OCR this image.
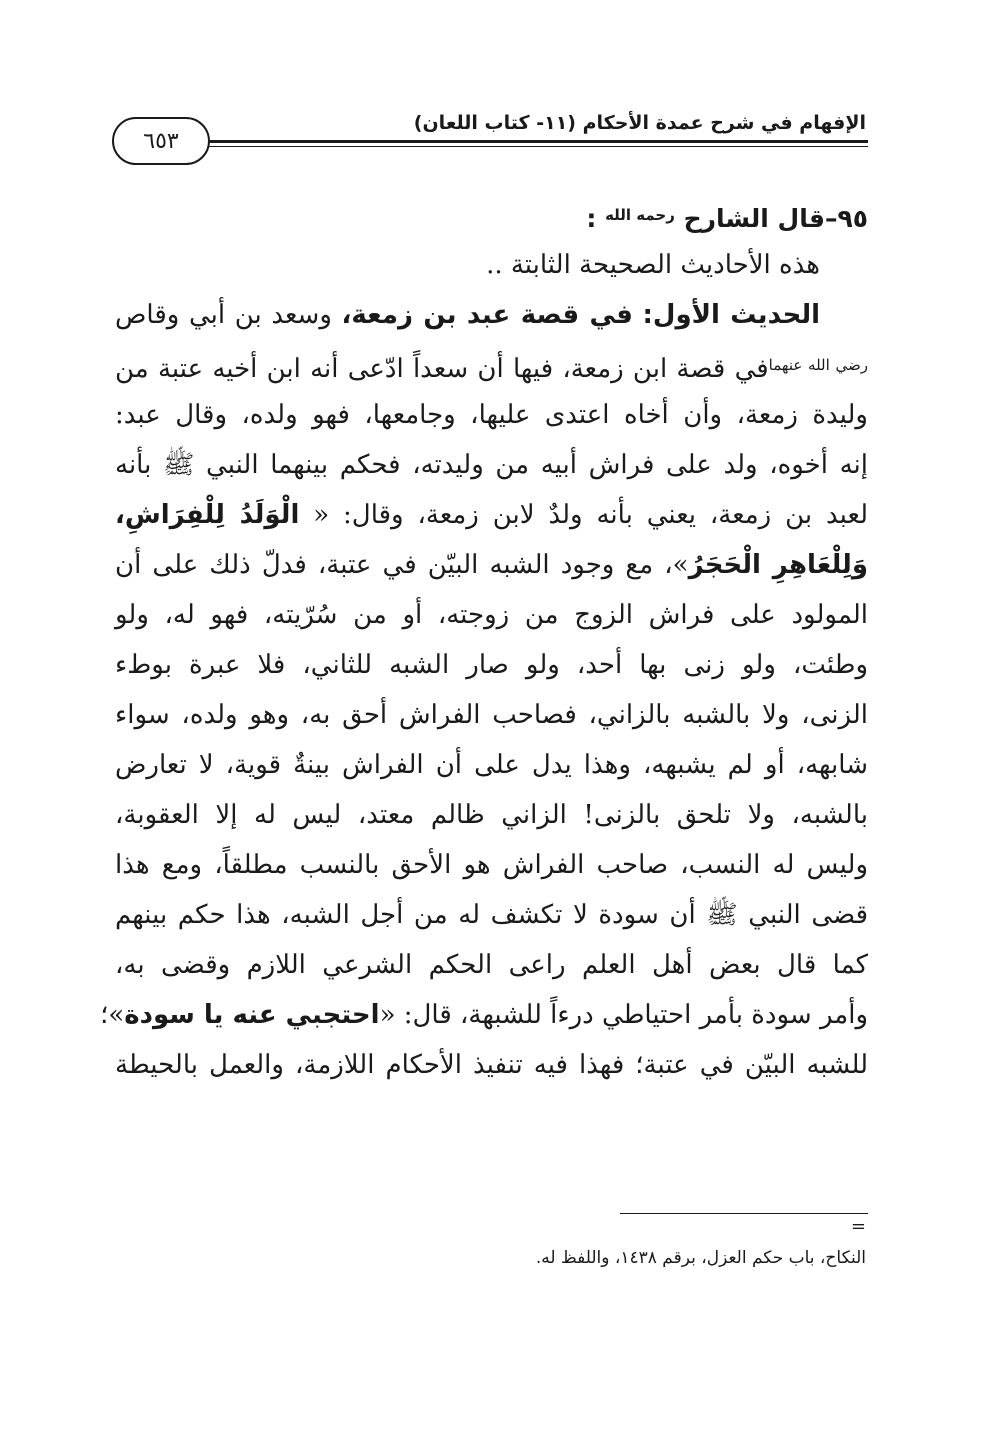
الإفهام في شرح عمدة الأحكام (١١- كتاب اللعان)
٦٥٣
٩٥–قال الشارح $^{رحمه الله}$ :
هذه الأحاديث الصحيحة الثابتة ..
الحديث الأول: في قصة عبد بن زمعة، وسعد بن أبي وقاص
$^{رضي الله عنهما}$في قصة ابن زمعة، فيها أن سعداً ادّعى أنه ابن أخيه عتبة من
وليدة زمعة، وأن أخاه اعتدى عليها، وجامعها، فهو ولده، وقال عبد:
إنه أخوه، ولد على فراش أبيه من وليدته، فحكم بينهما النبي ﷺ بأنه
لعبد بن زمعة، يعني بأنه ولدٌ لابن زمعة، وقال: « الْوَلَدُ لِلْفِرَاشِ،
وَلِلْعَاهِرِ الْحَجَرُ»، مع وجود الشبه البيّن في عتبة، فدلّ ذلك على أن
المولود على فراش الزوج من زوجته، أو من سُرّيته، فهو له، ولو
وطئت، ولو زنى بها أحد، ولو صار الشبه للثاني، فلا عبرة بوطء
الزنى، ولا بالشبه بالزاني، فصاحب الفراش أحق به، وهو ولده، سواء
شابهه، أو لم يشبهه، وهذا يدل على أن الفراش بينةٌ قوية، لا تعارض
بالشبه، ولا تلحق بالزنى! الزاني ظالم معتد، ليس له إلا العقوبة،
وليس له النسب، صاحب الفراش هو الأحق بالنسب مطلقاً، ومع هذا
قضى النبي ﷺ أن سودة لا تكشف له من أجل الشبه، هذا حكم بينهم
كما قال بعض أهل العلم راعى الحكم الشرعي اللازم وقضى به،
وأمر سودة بأمر احتياطي درءاً للشبهة، قال: «احتجبي عنه يا سودة»؛
للشبه البيّن في عتبة؛ فهذا فيه تنفيذ الأحكام اللازمة، والعمل بالحيطة
=
النكاح، باب حكم العزل، برقم ١٤٣٨، واللفظ له.
